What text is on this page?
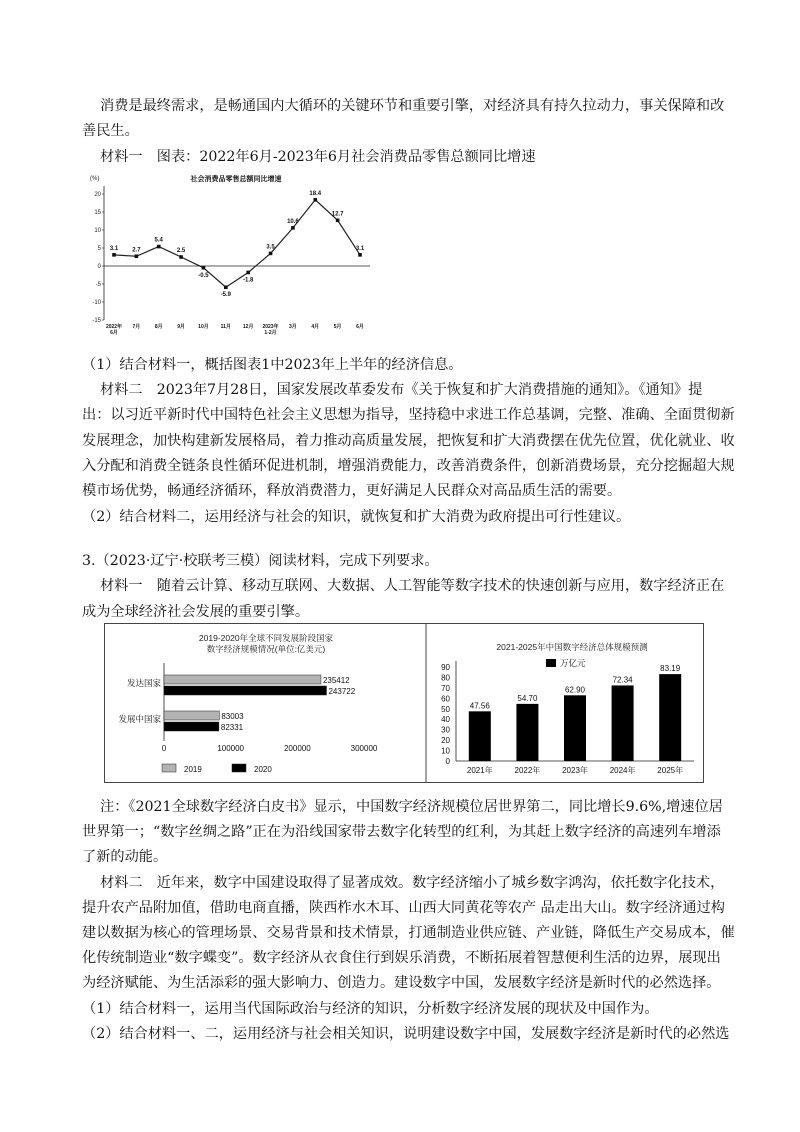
消费是最终需求，是畅通国内大循环的关键环节和重要引擎，对经济具有持久拉动力，事关保障和改
善民生。
材料一　图表：2022年6月-2023年6月社会消费品零售总额同比增速
(%)	社会消费品零售总额同比增速
20
15
10
5
0
-5
-10
-15
3.1 2.7
5.4
2.5
-0.5
-5.9
-1.8
3.5
10.6
18.4
12.7
3.1
2022年
6月
7月	8月	9月	10月 11月 12月 2023年
1-2月
3月	4月	5月	6月
（1）结合材料一，概括图表1中2023年上半年的经济信息。
材料二　2023年7月28日，国家发展改革委发布《关于恢复和扩大消费措施的通知》。《通知》提
出：以习近平新时代中国特色社会主义思想为指导，坚持稳中求进工作总基调，完整、准确、全面贯彻新
发展理念，加快构建新发展格局，着力推动高质量发展，把恢复和扩大消费摆在优先位置，优化就业、收
入分配和消费全链条良性循环促进机制，增强消费能力，改善消费条件，创新消费场景，充分挖掘超大规
模市场优势，畅通经济循环，释放消费潜力，更好满足人民群众对高品质生活的需要。
（2）结合材料二，运用经济与社会的知识，就恢复和扩大消费为政府提出可行性建议。
3.（2023·辽宁·校联考三模）阅读材料，完成下列要求。
材料一　随着云计算、移动互联网、大数据、人工智能等数字技术的快速创新与应用，数字经济正在
成为全球经济社会发展的重要引擎。
2019-2020年全球不同发展阶段国家数字经济规模情况(单位:亿美元)
发达国家	235412
243722
发展中国家	83003
82331
0	100000	200000	300000
2019	2020
2021-2025年中国数字经济总体规模预测
万亿元
0
10
20
30
40
50
60
70
80
90
47.56
2021年
54.70
2022年
62.90
2023年
72.34
2024年
83.19
2025年
注：《2021全球数字经济白皮书》显示，中国数字经济规模位居世界第二，同比增长9.6%,增速位居
世界第一；“数字丝绸之路”正在为沿线国家带去数字化转型的红利，为其赶上数字经济的高速列车增添
了新的动能。
材料二　近年来，数字中国建设取得了显著成效。数字经济缩小了城乡数字鸿沟，依托数字化技术，
提升农产品附加值，借助电商直播，陕西柞水木耳、山西大同黄花等农产 品走出大山。数字经济通过构
建以数据为核心的管理场景、交易背景和技术情景，打通制造业供应链、产业链，降低生产交易成本，催
化传统制造业“数字蝶变”。数字经济从衣食住行到娱乐消费，不断拓展着智慧便利生活的边界，展现出
为经济赋能、为生活添彩的强大影响力、创造力。建设数字中国，发展数字经济是新时代的必然选择。
（1）结合材料一，运用当代国际政治与经济的知识，分析数字经济发展的现状及中国作为。
（2）结合材料一、二，运用经济与社会相关知识，说明建设数字中国，发展数字经济是新时代的必然选
